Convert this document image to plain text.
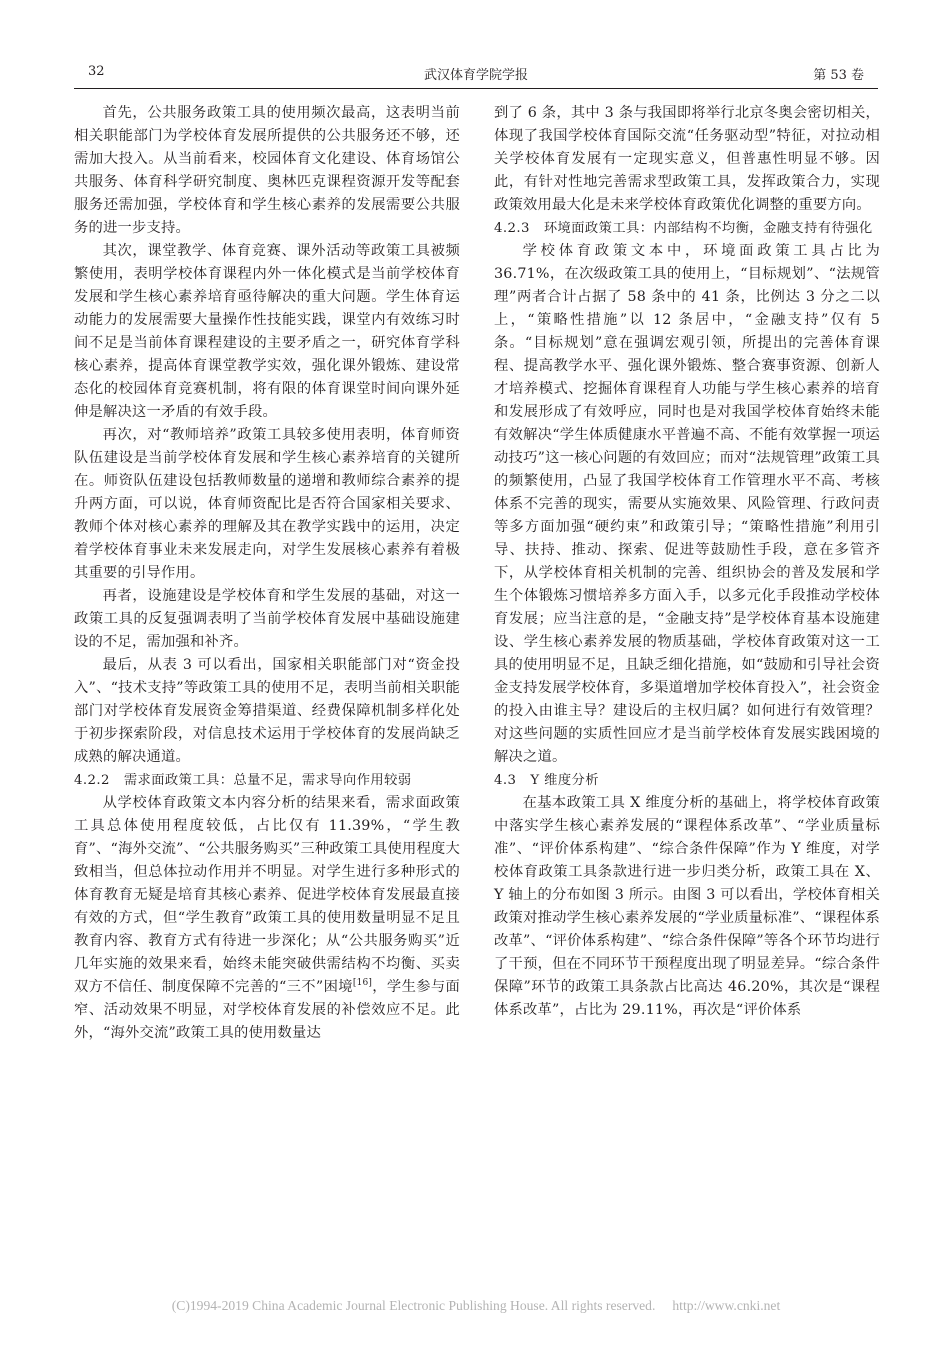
32	武汉体育学院学报	第 53 卷

首先，公共服务政策工具的使用频次最高，这表明当前相关职能部门为学校体育发展所提供的公共服务还不够，还需加大投入。从当前看来，校园体育文化建设、体育场馆公共服务、体育科学研究制度、奥林匹克课程资源开发等配套服务还需加强，学校体育和学生核心素养的发展需要公共服务的进一步支持。

其次，课堂教学、体育竞赛、课外活动等政策工具被频繁使用，表明学校体育课程内外一体化模式是当前学校体育发展和学生核心素养培育亟待解决的重大问题。学生体育运动能力的发展需要大量操作性技能实践，课堂内有效练习时间不足是当前体育课程建设的主要矛盾之一，研究体育学科核心素养，提高体育课堂教学实效，强化课外锻炼、建设常态化的校园体育竞赛机制，将有限的体育课堂时间向课外延伸是解决这一矛盾的有效手段。

再次，对“教师培养”政策工具较多使用表明，体育师资队伍建设是当前学校体育发展和学生核心素养培育的关键所在。师资队伍建设包括教师数量的递增和教师综合素养的提升两方面，可以说，体育师资配比是否符合国家相关要求、教师个体对核心素养的理解及其在教学实践中的运用，决定着学校体育事业未来发展走向，对学生发展核心素养有着极其重要的引导作用。

再者，设施建设是学校体育和学生发展的基础，对这一政策工具的反复强调表明了当前学校体育发展中基础设施建设的不足，需加强和补齐。

最后，从表 3 可以看出，国家相关职能部门对“资金投入”、“技术支持”等政策工具的使用不足，表明当前相关职能部门对学校体育发展资金筹措渠道、经费保障机制多样化处于初步探索阶段，对信息技术运用于学校体育的发展尚缺乏成熟的解决通道。

4.2.2 需求面政策工具：总量不足，需求导向作用较弱

从学校体育政策文本内容分析的结果来看，需求面政策工具总体使用程度较低，占比仅有 11.39%，“学生教育”、“海外交流”、“公共服务购买”三种政策工具使用程度大致相当，但总体拉动作用并不明显。对学生进行多种形式的体育教育无疑是培育其核心素养、促进学校体育发展最直接有效的方式，但“学生教育”政策工具的使用数量明显不足且教育内容、教育方式有待进一步深化；从“公共服务购买”近几年实施的效果来看，始终未能突破供需结构不均衡、买卖双方不信任、制度保障不完善的“三不”困境[16]，学生参与面窄、活动效果不明显，对学校体育发展的补偿效应不足。此外，“海外交流”政策工具的使用数量达

到了 6 条，其中 3 条与我国即将举行北京冬奥会密切相关，体现了我国学校体育国际交流“任务驱动型”特征，对拉动相关学校体育发展有一定现实意义，但普惠性明显不够。因此，有针对性地完善需求型政策工具，发挥政策合力，实现政策效用最大化是未来学校体育政策优化调整的重要方向。

4.2.3 环境面政策工具：内部结构不均衡，金融支持有待强化

学校体育政策文本中，环境面政策工具占比为 36.71%，在次级政策工具的使用上，“目标规划”、“法规管理”两者合计占据了 58 条中的 41 条，比例达 3 分之二以上，“策略性措施”以 12 条居中，“金融支持”仅有 5 条。“目标规划”意在强调宏观引领，所提出的完善体育课程、提高教学水平、强化课外锻炼、整合赛事资源、创新人才培养模式、挖掘体育课程育人功能与学生核心素养的培育和发展形成了有效呼应，同时也是对我国学校体育始终未能有效解决“学生体质健康水平普遍不高、不能有效掌握一项运动技巧”这一核心问题的有效回应；而对“法规管理”政策工具的频繁使用，凸显了我国学校体育工作管理水平不高、考核体系不完善的现实，需要从实施效果、风险管理、行政问责等多方面加强“硬约束”和政策引导；“策略性措施”利用引导、扶持、推动、探索、促进等鼓励性手段，意在多管齐下，从学校体育相关机制的完善、组织协会的普及发展和学生个体锻炼习惯培养多方面入手，以多元化手段推动学校体育发展；应当注意的是，“金融支持”是学校体育基本设施建设、学生核心素养发展的物质基础，学校体育政策对这一工具的使用明显不足，且缺乏细化措施，如“鼓励和引导社会资金支持发展学校体育，多渠道增加学校体育投入”，社会资金的投入由谁主导？建设后的主权归属？如何进行有效管理？对这些问题的实质性回应才是当前学校体育发展实践困境的解决之道。

4.3 Y 维度分析

在基本政策工具 X 维度分析的基础上，将学校体育政策中落实学生核心素养发展的“课程体系改革”、“学业质量标准”、“评价体系构建”、“综合条件保障”作为 Y 维度，对学校体育政策工具条款进行进一步归类分析，政策工具在 X、Y 轴上的分布如图 3 所示。由图 3 可以看出，学校体育相关政策对推动学生核心素养发展的“学业质量标准”、“课程体系改革”、“评价体系构建”、“综合条件保障”等各个环节均进行了干预，但在不同环节干预程度出现了明显差异。“综合条件保障”环节的政策工具条款占比高达 46.20%，其次是“课程体系改革”，占比为 29.11%，再次是“评价体系

(C)1994-2019 China Academic Journal Electronic Publishing House. All rights reserved. http://www.cnki.net
